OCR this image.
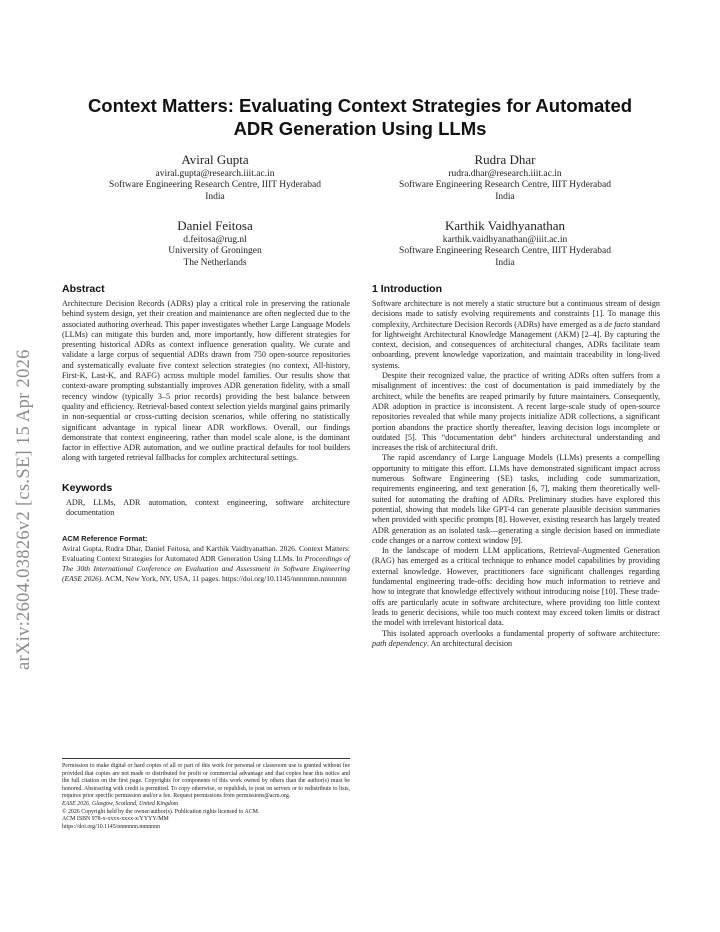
arXiv:2604.03826v2 [cs.SE] 15 Apr 2026
Context Matters: Evaluating Context Strategies for Automated
ADR Generation Using LLMs
Aviral Gupta
aviral.gupta@research.iiit.ac.in
Software Engineering Research Centre, IIIT Hyderabad
India
Rudra Dhar
rudra.dhar@research.iiit.ac.in
Software Engineering Research Centre, IIIT Hyderabad
India
Daniel Feitosa
d.feitosa@rug.nl
University of Groningen
The Netherlands
Karthik Vaidhyanathan
karthik.vaidhyanathan@iiit.ac.in
Software Engineering Research Centre, IIIT Hyderabad
India
Abstract

Architecture Decision Records (ADRs) play a critical role in preserving the rationale behind system design, yet their creation and maintenance are often neglected due to the associated authoring overhead. This paper investigates whether Large Language Models (LLMs) can mitigate this burden and, more importantly, how different strategies for presenting historical ADRs as context influence generation quality. We curate and validate a large corpus of sequential ADRs drawn from 750 open-source repositories and systematically evaluate five context selection strategies (no context, All-history, First-K, Last-K, and RAFG) across multiple model families. Our results show that context-aware prompting substantially improves ADR generation fidelity, with a small recency window (typically 3–5 prior records) providing the best balance between quality and efficiency. Retrieval-based context selection yields marginal gains primarily in non-sequential or cross-cutting decision scenarios, while offering no statistically significant advantage in typical linear ADR workflows. Overall, our findings demonstrate that context engineering, rather than model scale alone, is the dominant factor in effective ADR automation, and we outline practical defaults for tool builders along with targeted retrieval fallbacks for complex architectural settings.

Keywords

ADR, LLMs, ADR automation, context engineering, software architecture documentation

ACM Reference Format:

Aviral Gupta, Rudra Dhar, Daniel Feitosa, and Karthik Vaidhyanathan. 2026. Context Matters: Evaluating Context Strategies for Automated ADR Generation Using LLMs. In Proceedings of The 30th International Conference on Evaluation and Assessment in Software Engineering (EASE 2026). ACM, New York, NY, USA, 11 pages. https://doi.org/10.1145/nnnnnnn.nnnnnnn

Permission to make digital or hard copies of all or part of this work for personal or classroom use is granted without fee provided that copies are not made or distributed for profit or commercial advantage and that copies bear this notice and the full citation on the first page. Copyrights for components of this work owned by others than the author(s) must be honored. Abstracting with credit is permitted. To copy otherwise, or republish, to post on servers or to redistribute to lists, requires prior specific permission and/or a fee. Request permissions from permissions@acm.org.

EASE 2026, Glasgow, Scotland, United Kingdom
© 2026 Copyright held by the owner/author(s). Publication rights licensed to ACM.
ACM ISBN 978-x-xxxx-xxxx-x/YYYY/MM
https://doi.org/10.1145/nnnnnnn.nnnnnnn
1 Introduction

Software architecture is not merely a static structure but a continuous stream of design decisions made to satisfy evolving requirements and constraints [1]. To manage this complexity, Architecture Decision Records (ADRs) have emerged as a de facto standard for lightweight Architectural Knowledge Management (AKM) [2–4]. By capturing the context, decision, and consequences of architectural changes, ADRs facilitate team onboarding, prevent knowledge vaporization, and maintain traceability in long-lived systems.

Despite their recognized value, the practice of writing ADRs often suffers from a misalignment of incentives: the cost of documentation is paid immediately by the architect, while the benefits are reaped primarily by future maintainers. Consequently, ADR adoption in practice is inconsistent. A recent large-scale study of open-source repositories revealed that while many projects initialize ADR collections, a significant portion abandons the practice shortly thereafter, leaving decision logs incomplete or outdated [5]. This “documentation debt” hinders architectural understanding and increases the risk of architectural drift.

The rapid ascendancy of Large Language Models (LLMs) presents a compelling opportunity to mitigate this effort. LLMs have demonstrated significant impact across numerous Software Engineering (SE) tasks, including code summarization, requirements engineering, and text generation [6, 7], making them theoretically well-suited for automating the drafting of ADRs. Preliminary studies have explored this potential, showing that models like GPT-4 can generate plausible decision summaries when provided with specific prompts [8]. However, existing research has largely treated ADR generation as an isolated task—generating a single decision based on immediate code changes or a narrow context window [9].

In the landscape of modern LLM applications, Retrieval-Augmented Generation (RAG) has emerged as a critical technique to enhance model capabilities by providing external knowledge. However, practitioners face significant challenges regarding fundamental engineering trade-offs: deciding how much information to retrieve and how to integrate that knowledge effectively without introducing noise [10]. These trade-offs are particularly acute in software architecture, where providing too little context leads to generic decisions, while too much context may exceed token limits or distract the model with irrelevant historical data.

This isolated approach overlooks a fundamental property of software architecture: path dependency. An architectural decision
